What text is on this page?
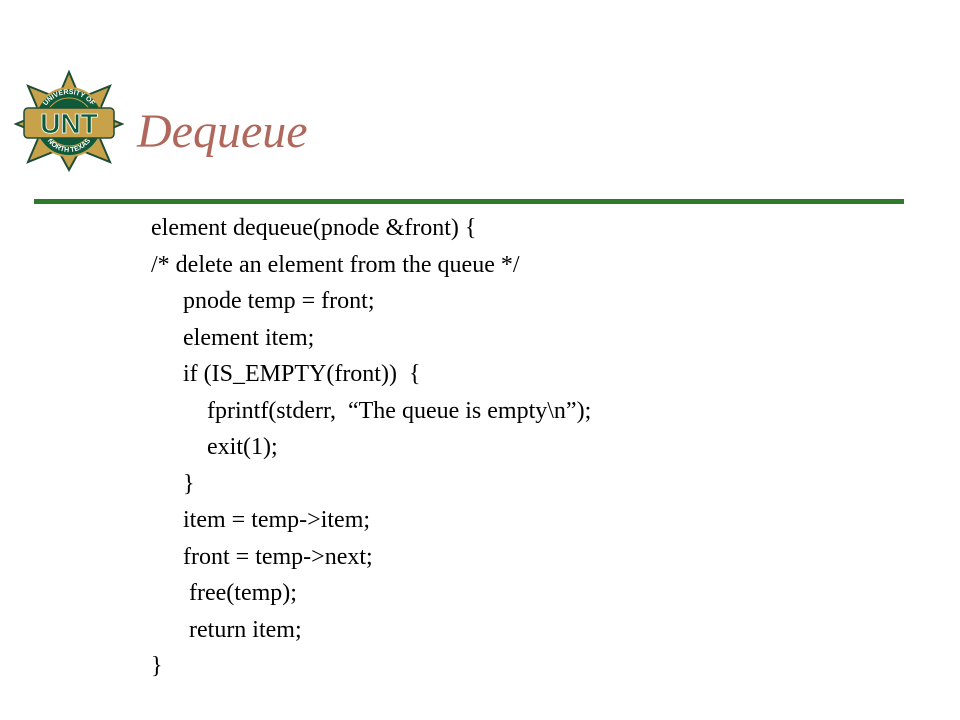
UNIVERSITY OF
NORTH TEXAS
UNT Dequeue
element dequeue(pnode &front) {
/* delete an element from the queue */
pnode temp = front;
element item;
if (IS_EMPTY(front))  {
fprintf(stderr,  “The queue is empty\n”);
exit(1);
}
item = temp->item;
front = temp->next;
free(temp);
return item;
}
